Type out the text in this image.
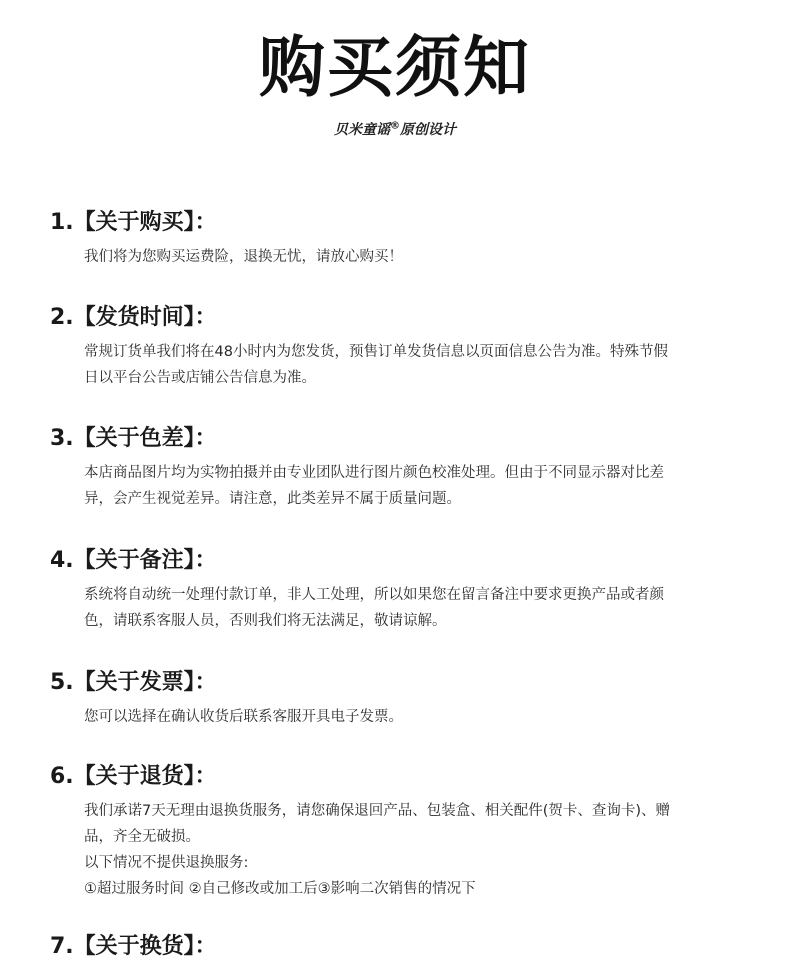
购买须知
贝米童谣®原创设计
1.【关于购买】：

我们将为您购买运费险，退换无忧，请放心购买！

2.【发货时间】：

常规订货单我们将在48小时内为您发货，预售订单发货信息以页面信息公告为准。特殊节假

日以平台公告或店铺公告信息为准。

3.【关于色差】：

本店商品图片均为实物拍摄并由专业团队进行图片颜色校准处理。但由于不同显示器对比差

异，会产生视觉差异。请注意，此类差异不属于质量问题。

4.【关于备注】：

系统将自动统一处理付款订单，非人工处理，所以如果您在留言备注中要求更换产品或者颜

色，请联系客服人员，否则我们将无法满足，敬请谅解。

5.【关于发票】：

您可以选择在确认收货后联系客服开具电子发票。

6.【关于退货】：

我们承诺7天无理由退换货服务，请您确保退回产品、包装盒、相关配件(贺卡、查询卡)、赠

品，齐全无破损。

以下情况不提供退换服务:

①超过服务时间 ②自己修改或加工后③影响二次销售的情况下

7.【关于换货】：
